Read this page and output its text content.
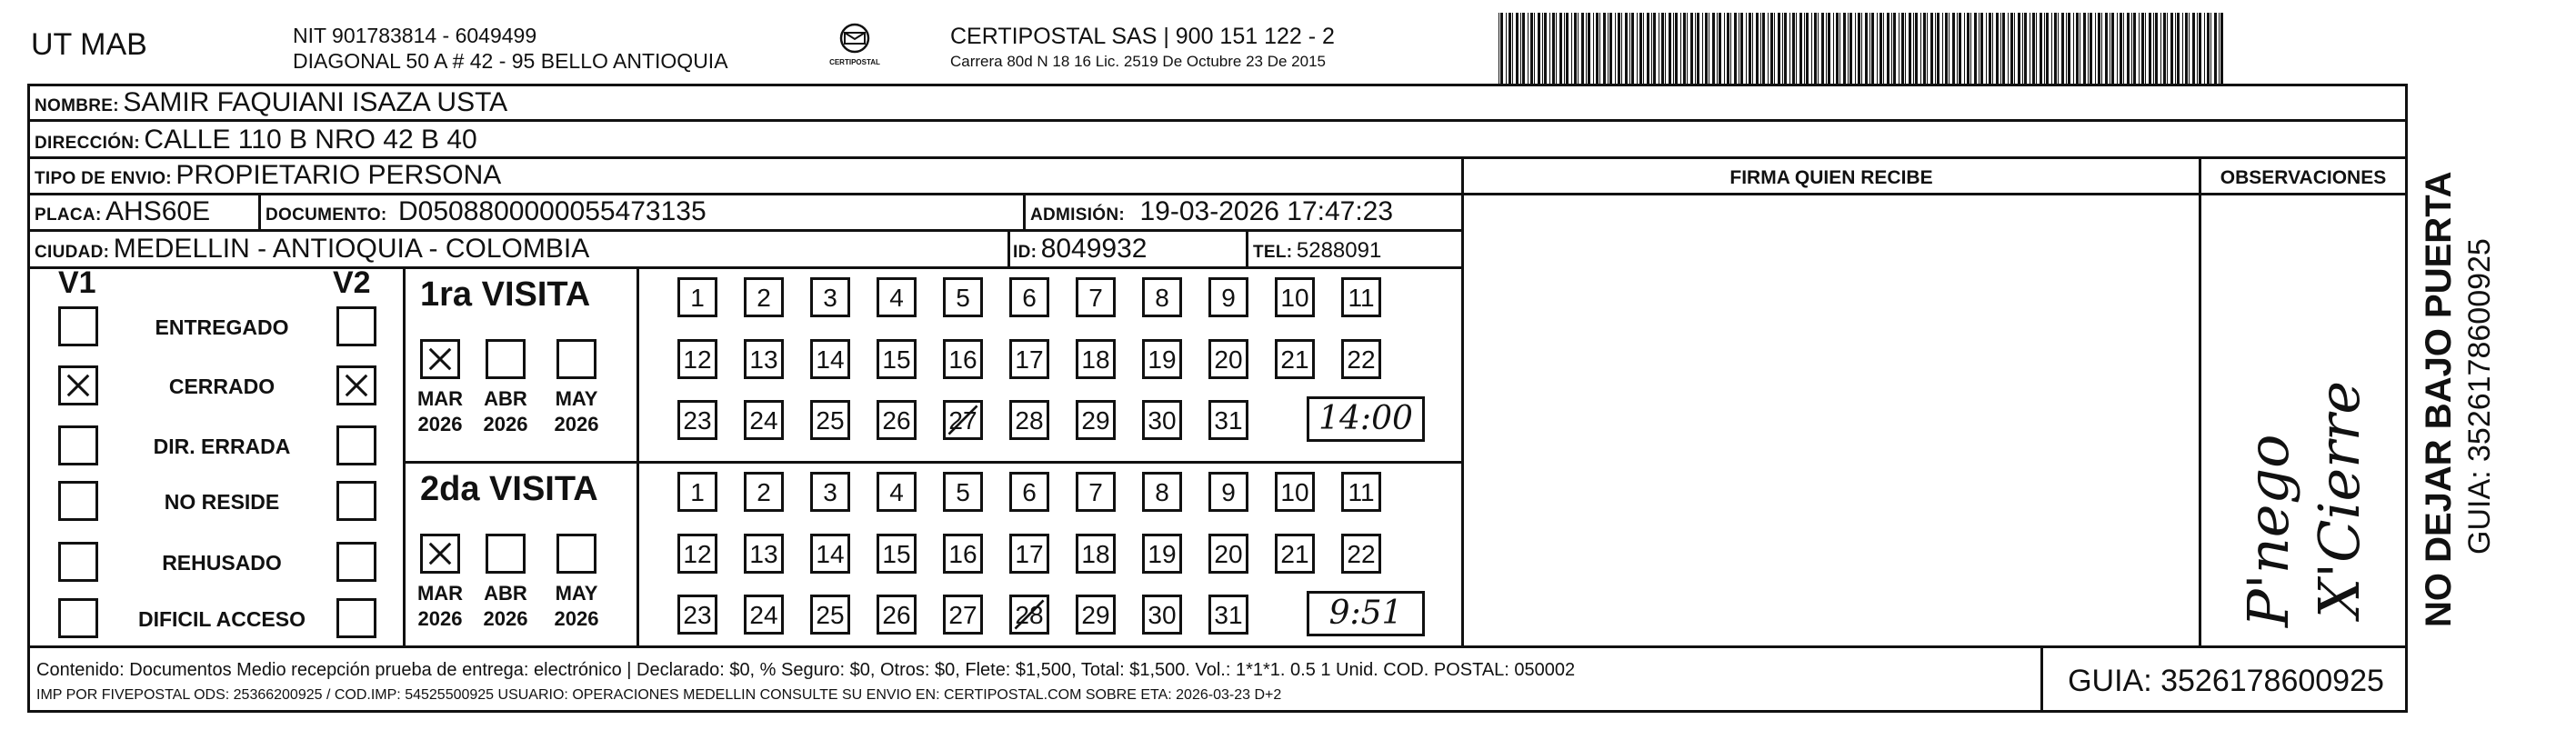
UT MAB	NIT 901783814 - 6049499
DIAGONAL 50 A # 42 - 95 BELLO ANTIOQUIA	CERTIPOSTAL
CERTIPOSTAL SAS | 900 151 122 - 2
Carrera 80d N 18 16 Lic. 2519 De Octubre 23 De 2015
NOMBRE: SAMIR FAQUIANI ISAZA USTA
DIRECCIÓN: CALLE 110 B NRO 42 B 40
TIPO DE ENVIO: PROPIETARIO PERSONA
PLACA: AHS60E	DOCUMENTO: D0508800000055473135	ADMISIÓN: 19-03-2026 17:47:23
CIUDAD: MEDELLIN - ANTIOQUIA - COLOMBIA	ID: 8049932	TEL: 5288091
FIRMA QUIEN RECIBE	OBSERVACIONES
V1	V2
ENTREGADO
CERRADO
DIR. ERRADA
NO RESIDE
REHUSADO
DIFICIL ACCESO
1ra VISITA
MAR
2026
ABR
2026
MAY
2026
1	2	3	4	5	6	7	8	9	10 11
12 13 14 15 16 17 18 19 20 21 22
23 24 25 26 27 28 29 30 31	14:00
2da VISITA
MAR
2026
ABR
2026
MAY
2026
1	2	3	4	5	6	7	8	9	10 11
12 13 14 15 16 17 18 19 20 21 22
23 24 25 26 27 28 29 30 31	9:51	P'nego X'Cierre NO DEJAR BAJO PUERTA GUIA: 3526178600925
Contenido: Documentos Medio recepción prueba de entrega: electrónico | Declarado: $0, % Seguro: $0, Otros: $0, Flete: $1,500, Total: $1,500. Vol.: 1*1*1. 0.5 1 Unid. COD. POSTAL: 050002
IMP POR FIVEPOSTAL ODS: 25366200925 / COD.IMP: 54525500925 USUARIO: OPERACIONES MEDELLIN CONSULTE SU ENVIO EN: CERTIPOSTAL.COM SOBRE ETA: 2026-03-23 D+2	GUIA: 3526178600925
